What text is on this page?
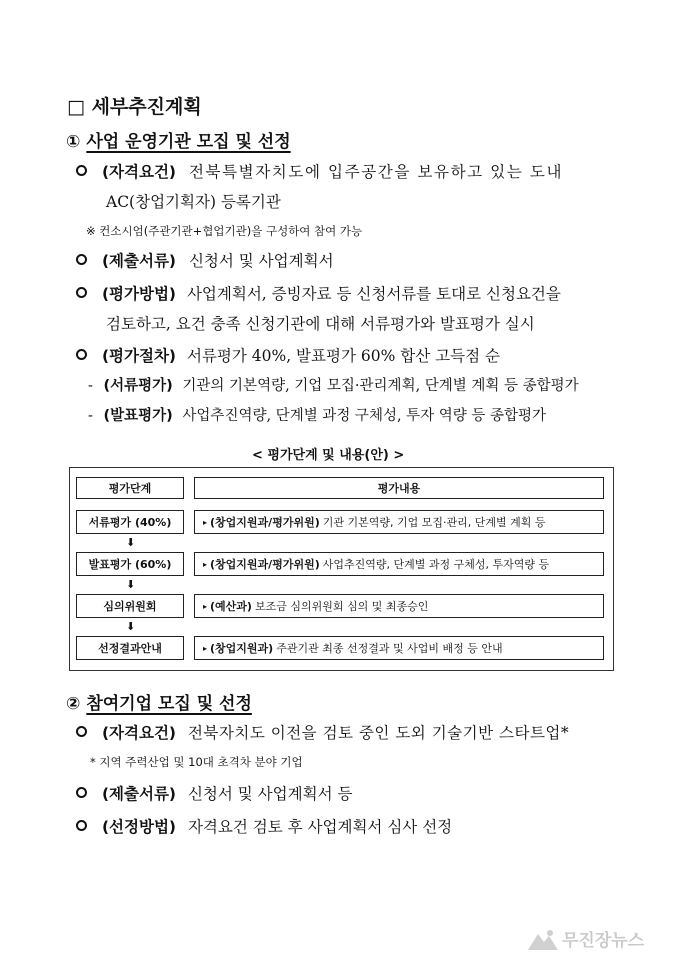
□ 세부추진계획
① 사업 운영기관 모집 및 선정
(자격요건) 전북특별자치도에 입주공간을 보유하고 있는 도내
AC(창업기획자) 등록기관
※ 컨소시엄(주관기관+협업기관)을 구성하여 참여 가능
(제출서류) 신청서 및 사업계획서
(평가방법) 사업계획서, 증빙자료 등 신청서류를 토대로 신청요건을
검토하고, 요건 충족 신청기관에 대해 서류평가와 발표평가 실시
(평가절차) 서류평가 40%, 발표평가 60% 합산 고득점 순
- (서류평가) 기관의 기본역량, 기업 모집·관리계획, 단계별 계획 등 종합평가
- (발표평가) 사업추진역량, 단계별 과정 구체성, 투자 역량 등 종합평가
< 평가단계 및 내용(안) >
평가단계	평가내용
서류평가 (40%)	▸ (창업지원과/평가위원) 기관 기본역량, 기업 모집·관리, 단계별 계획 등
⬇
발표평가 (60%)	▸ (창업지원과/평가위원) 사업추진역량, 단계별 과정 구체성, 투자역량 등
⬇
심의위원회	▸ (예산과) 보조금 심의위원회 심의 및 최종승인
⬇
선정결과안내	▸ (창업지원과) 주관기관 최종 선정결과 및 사업비 배정 등 안내
② 참여기업 모집 및 선정
(자격요건) 전북자치도 이전을 검토 중인 도외 기술기반 스타트업*
* 지역 주력산업 및 10대 초격차 분야 기업
(제출서류) 신청서 및 사업계획서 등
(선정방법) 자격요건 검토 후 사업계획서 심사 선정
무진장뉴스
